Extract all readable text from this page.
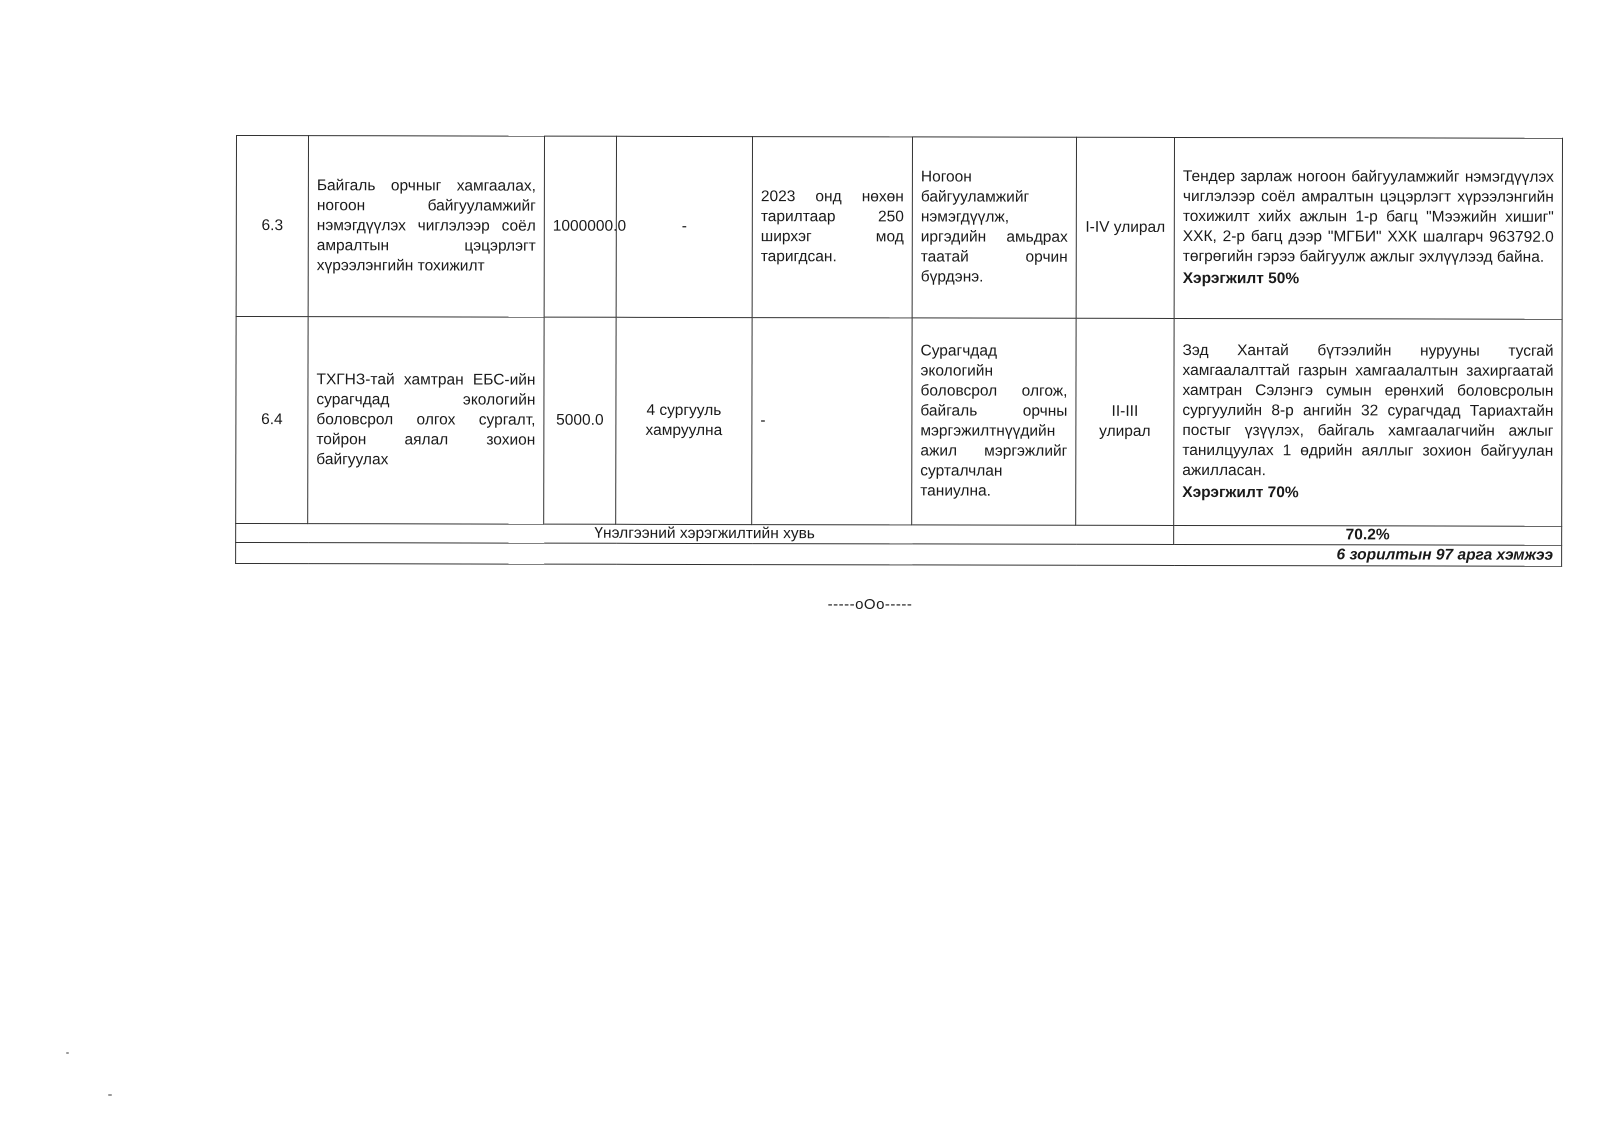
6.3	Байгаль орчныг хамгаалах, ногоон байгууламжийг нэмэгдүүлэх чиглэлээр соёл амралтын цэцэрлэгт хүрээлэнгийн тохижилт	1000000.0	-	2023 онд нөхөн тарилтаар 250 ширхэг мод таригдсан.	Ногоон байгууламжийг нэмэгдүүлж, иргэдийн амьдрах таатай орчин бүрдэнэ.	I-IV улирал	Тендер зарлаж ногоон байгууламжийг нэмэгдүүлэх чиглэлээр соёл амралтын цэцэрлэгт хүрээлэнгийн тохижилт хийх ажлын 1-р багц "Мээжийн хишиг" ХХК, 2-р багц дээр "МГБИ" ХХК шалгарч 963792.0 төгрөгийн гэрээ байгуулж ажлыг эхлүүлээд байна.
Хэрэгжилт 50%

6.4	ТХГНЗ-тай хамтран ЕБС-ийн сурагчдад экологийн боловсрол олгох сургалт, тойрон аялал зохион байгуулах	5000.0	4 сургууль хамруулна	-	Сурагчдад экологийн боловсрол олгож, байгаль орчны мэргэжилтнүүдийн ажил мэргэжлийг сурталчлан таниулна.	II-III улирал	Зэд Хантай бүтээлийн нурууны тусгай хамгаалалттай газрын хамгаалалтын захиргаатай хамтран Сэлэнгэ сумын ерөнхий боловсролын сургуулийн 8-р ангийн 32 сурагчдад Тариахтайн постыг үзүүлэх, байгаль хамгаалагчийн ажлыг танилцуулах 1 өдрийн аяллыг зохион байгуулан ажилласан.
Хэрэгжилт 70%

Үнэлгээний хэрэгжилтийн хувь							70.2%
6 зорилтын 97 арга хэмжээ							
-----oOo-----
